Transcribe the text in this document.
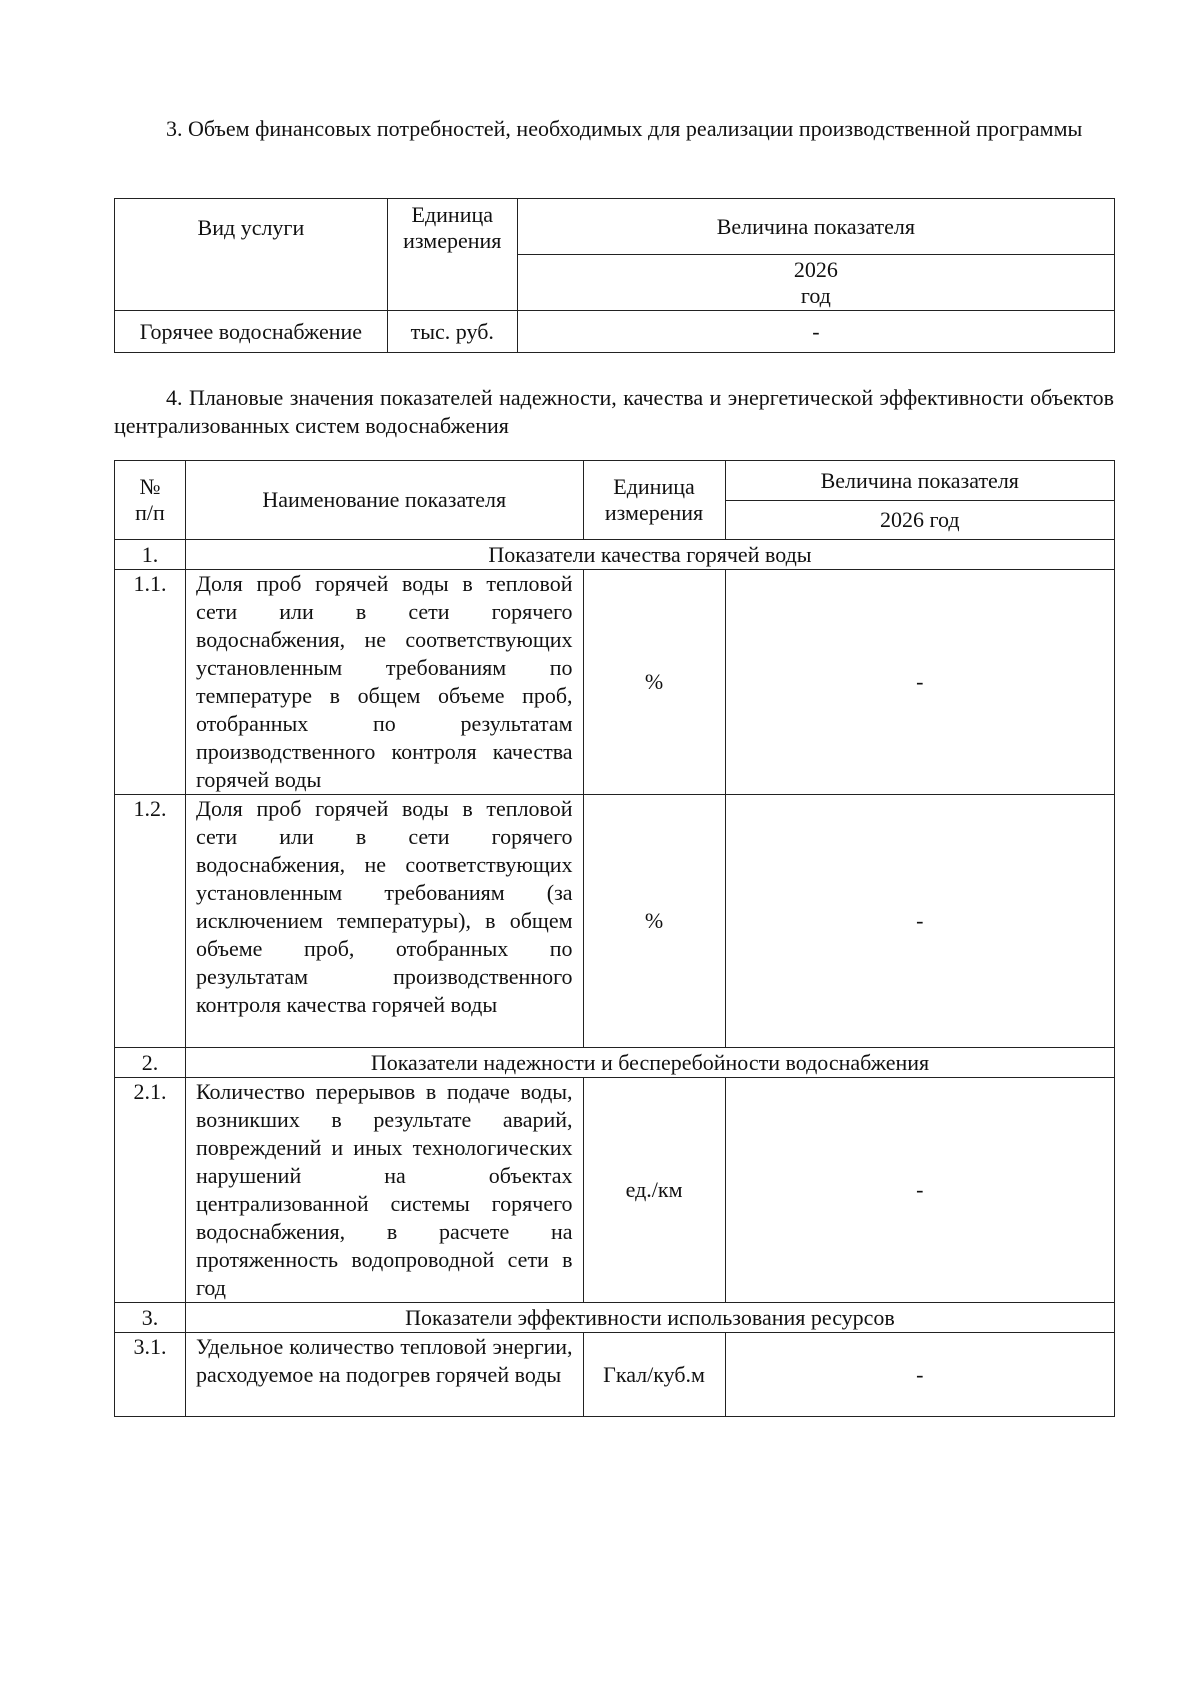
3. Объем финансовых потребностей, необходимых для реализации производственной программы

Вид услуги	Единица измерения	Величина показателя

		2026
год

Горячее водоснабжение	тыс. руб.	-

4. Плановые значения показателей надежности, качества и энергетической эффективности объектов централизованных систем водоснабжения

№ п/п	Наименование показателя	Единица измерения	Величина показателя
			2026 год
1.	Показатели качества горячей воды		
1.1.	Доля проб горячей воды в тепловой сети или в сети горячего водоснабжения, не соответствующих установленным требованиям по температуре в общем объеме проб, отобранных по результатам производственного контроля качества горячей воды	%	-
1.2.	Доля проб горячей воды в тепловой сети или в сети горячего водоснабжения, не соответствующих установленным требованиям (за исключением температуры), в общем объеме проб, отобранных по результатам производственного контроля качества горячей воды	%	-
2.	Показатели надежности и бесперебойности водоснабжения		
2.1.	Количество перерывов в подаче воды, возникших в результате аварий, повреждений и иных технологических нарушений на объектах централизованной системы горячего водоснабжения, в расчете на протяженность водопроводной сети в год	ед./км	-
3.	Показатели эффективности использования ресурсов		
3.1.	Удельное количество тепловой энергии, расходуемое на подогрев горячей воды	Гкал/куб.м	-
